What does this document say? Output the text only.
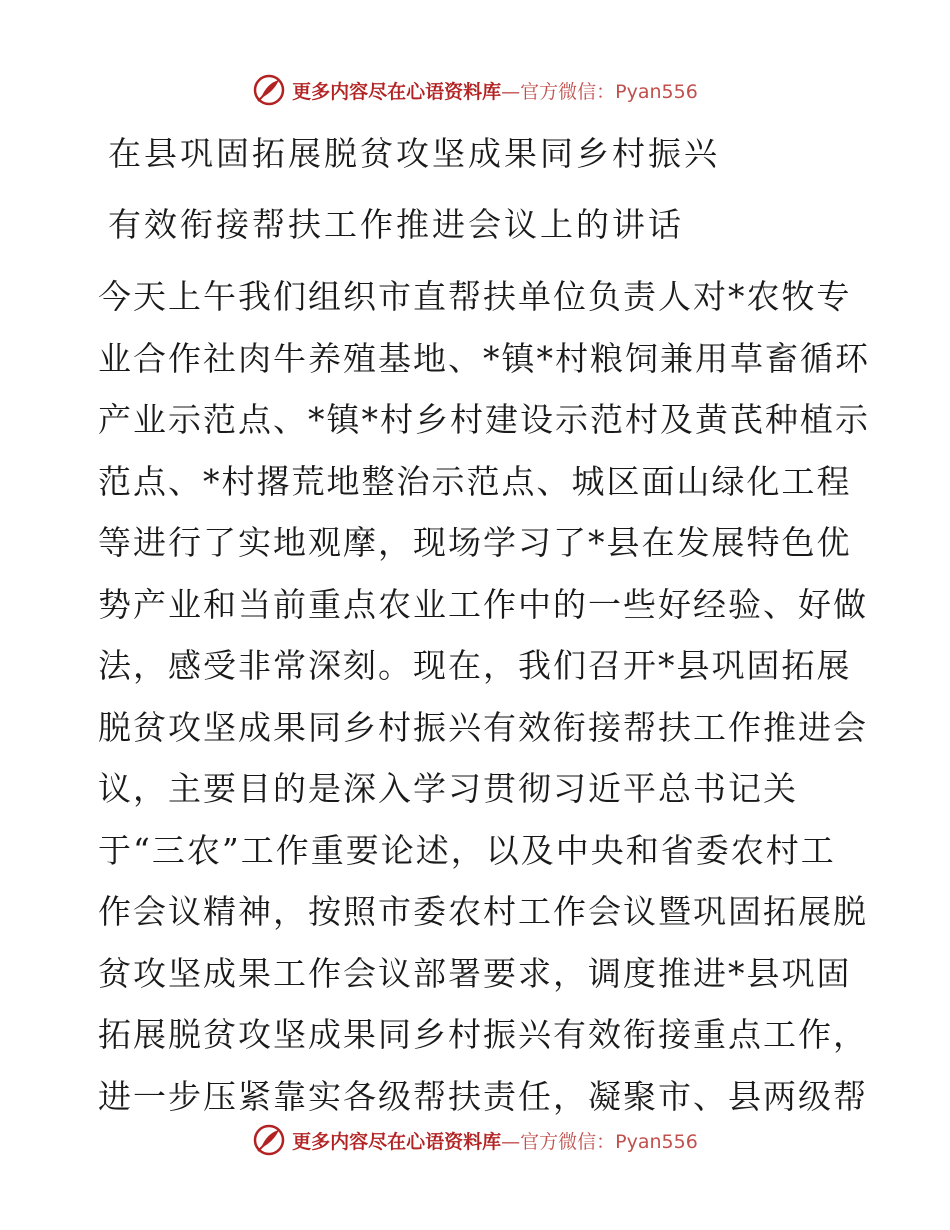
更多内容尽在心语资料库—官方微信：Pyan556
在县巩固拓展脱贫攻坚成果同乡村振兴
有效衔接帮扶工作推进会议上的讲话
今天上午我们组织市直帮扶单位负责人对*农牧专
业合作社肉牛养殖基地、*镇*村粮饲兼用草畜循环
产业示范点、*镇*村乡村建设示范村及黄芪种植示
范点、*村撂荒地整治示范点、城区面山绿化工程
等进行了实地观摩，现场学习了*县在发展特色优
势产业和当前重点农业工作中的一些好经验、好做
法，感受非常深刻。现在，我们召开*县巩固拓展
脱贫攻坚成果同乡村振兴有效衔接帮扶工作推进会
议，主要目的是深入学习贯彻习近平总书记关
于“三农”工作重要论述，以及中央和省委农村工
作会议精神，按照市委农村工作会议暨巩固拓展脱
贫攻坚成果工作会议部署要求，调度推进*县巩固
拓展脱贫攻坚成果同乡村振兴有效衔接重点工作，
进一步压紧靠实各级帮扶责任，凝聚市、县两级帮
更多内容尽在心语资料库—官方微信：Pyan556
